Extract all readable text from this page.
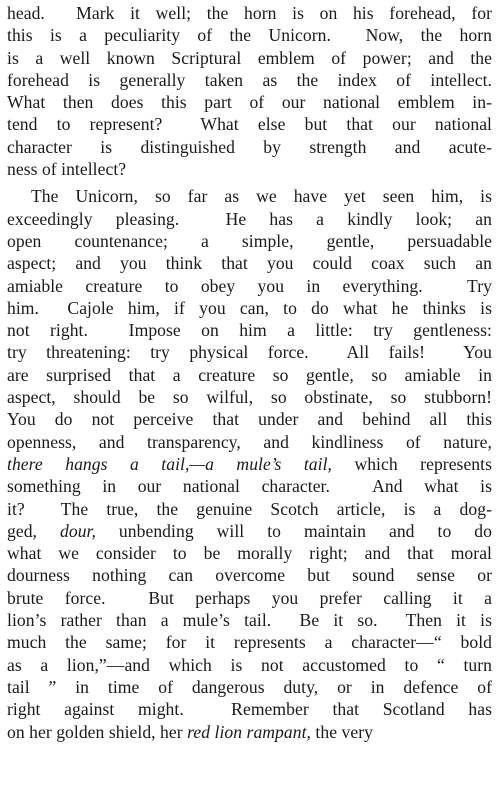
head.  Mark it well; the horn is on his forehead, for
this is a peculiarity of the Unicorn.  Now, the horn
is a well known Scriptural emblem of power; and the
forehead is generally taken as the index of intellect.
What then does this part of our national emblem in-
tend to represent?  What else but that our national
character is distinguished by strength and acute-
ness of intellect?
The Unicorn, so far as we have yet seen him, is
exceedingly pleasing.  He has a kindly look; an
open countenance; a simple, gentle, persuadable
aspect; and you think that you could coax such an
amiable creature to obey you in everything.  Try
him.  Cajole him, if you can, to do what he thinks is
not right.  Impose on him a little: try gentleness:
try threatening: try physical force.  All fails!  You
are surprised that a creature so gentle, so amiable in
aspect, should be so wilful, so obstinate, so stubborn!
You do not perceive that under and behind all this
openness, and transparency, and kindliness of nature,
there hangs a tail,—a mule’s tail, which represents
something in our national character.  And what is
it?  The true, the genuine Scotch article, is a dog-
ged, dour, unbending will to maintain and to do
what we consider to be morally right; and that moral
dourness nothing can overcome but sound sense or
brute force.  But perhaps you prefer calling it a
lion’s rather than a mule’s tail.  Be it so.  Then it is
much the same; for it represents a character—“ bold
as a lion,”—and which is not accustomed to “ turn
tail ” in time of dangerous duty, or in defence of
right against might.  Remember that Scotland has
on her golden shield, her red lion rampant, the very
